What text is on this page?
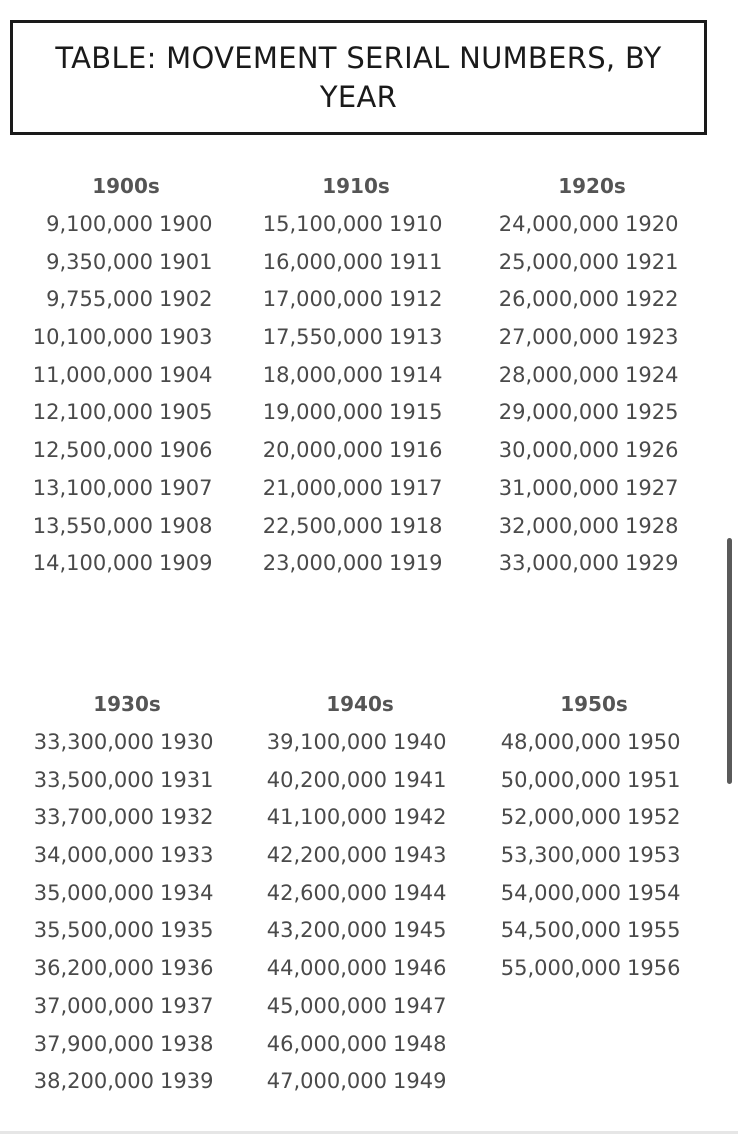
TABLE: MOVEMENT SERIAL NUMBERS, BY YEAR
1900s
9,100,000 1900
9,350,000 1901
9,755,000 1902
10,100,000 1903
11,000,000 1904
12,100,000 1905
12,500,000 1906
13,100,000 1907
13,550,000 1908
14,100,000 1909
1910s
15,100,000 1910
16,000,000 1911
17,000,000 1912
17,550,000 1913
18,000,000 1914
19,000,000 1915
20,000,000 1916
21,000,000 1917
22,500,000 1918
23,000,000 1919
1920s
24,000,000 1920
25,000,000 1921
26,000,000 1922
27,000,000 1923
28,000,000 1924
29,000,000 1925
30,000,000 1926
31,000,000 1927
32,000,000 1928
33,000,000 1929
1930s
33,300,000 1930
33,500,000 1931
33,700,000 1932
34,000,000 1933
35,000,000 1934
35,500,000 1935
36,200,000 1936
37,000,000 1937
37,900,000 1938
38,200,000 1939
1940s
39,100,000 1940
40,200,000 1941
41,100,000 1942
42,200,000 1943
42,600,000 1944
43,200,000 1945
44,000,000 1946
45,000,000 1947
46,000,000 1948
47,000,000 1949
1950s
48,000,000 1950
50,000,000 1951
52,000,000 1952
53,300,000 1953
54,000,000 1954
54,500,000 1955
55,000,000 1956
